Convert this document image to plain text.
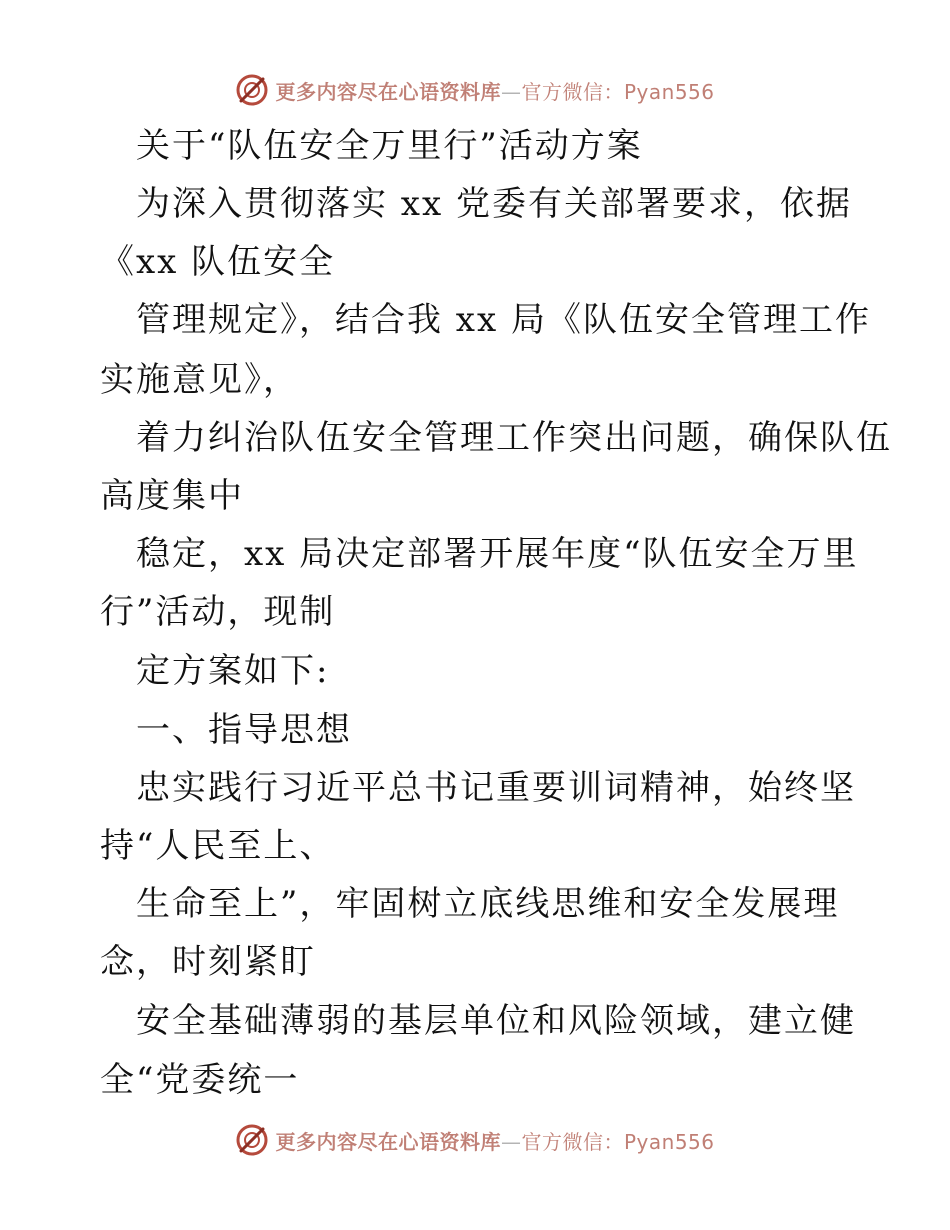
更多内容尽在心语资料库—官方微信：Pyan556
关于“队伍安全万里行”活动方案
为深入贯彻落实 xx 党委有关部署要求，依据
《xx 队伍安全
管理规定》，结合我 xx 局《队伍安全管理工作
实施意见》，
着力纠治队伍安全管理工作突出问题，确保队伍
高度集中
稳定，xx 局决定部署开展年度“队伍安全万里
行”活动，现制
定方案如下:
一、指导思想
忠实践行习近平总书记重要训词精神，始终坚
持“人民至上、
生命至上”，牢固树立底线思维和安全发展理
念，时刻紧盯
安全基础薄弱的基层单位和风险领域，建立健
全“党委统一
更多内容尽在心语资料库—官方微信：Pyan556
